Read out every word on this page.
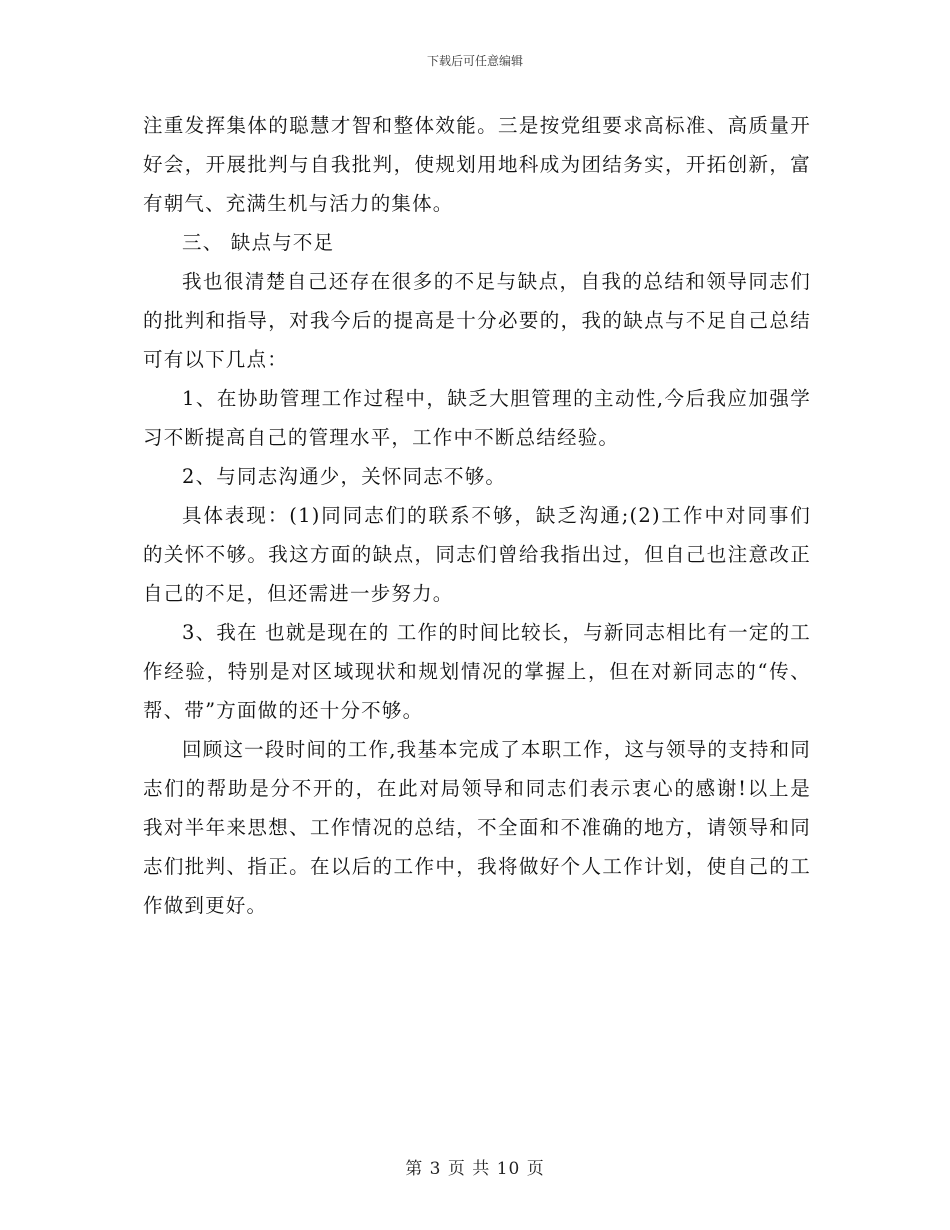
下载后可任意编辑

注重发挥集体的聪慧才智和整体效能。三是按党组要求高标准、高质量开好会，开展批判与自我批判，使规划用地科成为团结务实，开拓创新，富有朝气、充满生机与活力的集体。

三、 缺点与不足

我也很清楚自己还存在很多的不足与缺点，自我的总结和领导同志们的批判和指导，对我今后的提高是十分必要的，我的缺点与不足自己总结可有以下几点：

1、在协助管理工作过程中，缺乏大胆管理的主动性,今后我应加强学习不断提高自己的管理水平，工作中不断总结经验。

2、与同志沟通少，关怀同志不够。

具体表现：(1)同同志们的联系不够，缺乏沟通;(2)工作中对同事们的关怀不够。我这方面的缺点，同志们曾给我指出过，但自己也注意改正自己的不足，但还需进一步努力。

3、我在 也就是现在的 工作的时间比较长，与新同志相比有一定的工作经验，特别是对区域现状和规划情况的掌握上，但在对新同志的“传、帮、带”方面做的还十分不够。

回顾这一段时间的工作,我基本完成了本职工作，这与领导的支持和同志们的帮助是分不开的，在此对局领导和同志们表示衷心的感谢!以上是我对半年来思想、工作情况的总结，不全面和不准确的地方，请领导和同志们批判、指正。在以后的工作中，我将做好个人工作计划，使自己的工作做到更好。

第 3 页 共 10 页
